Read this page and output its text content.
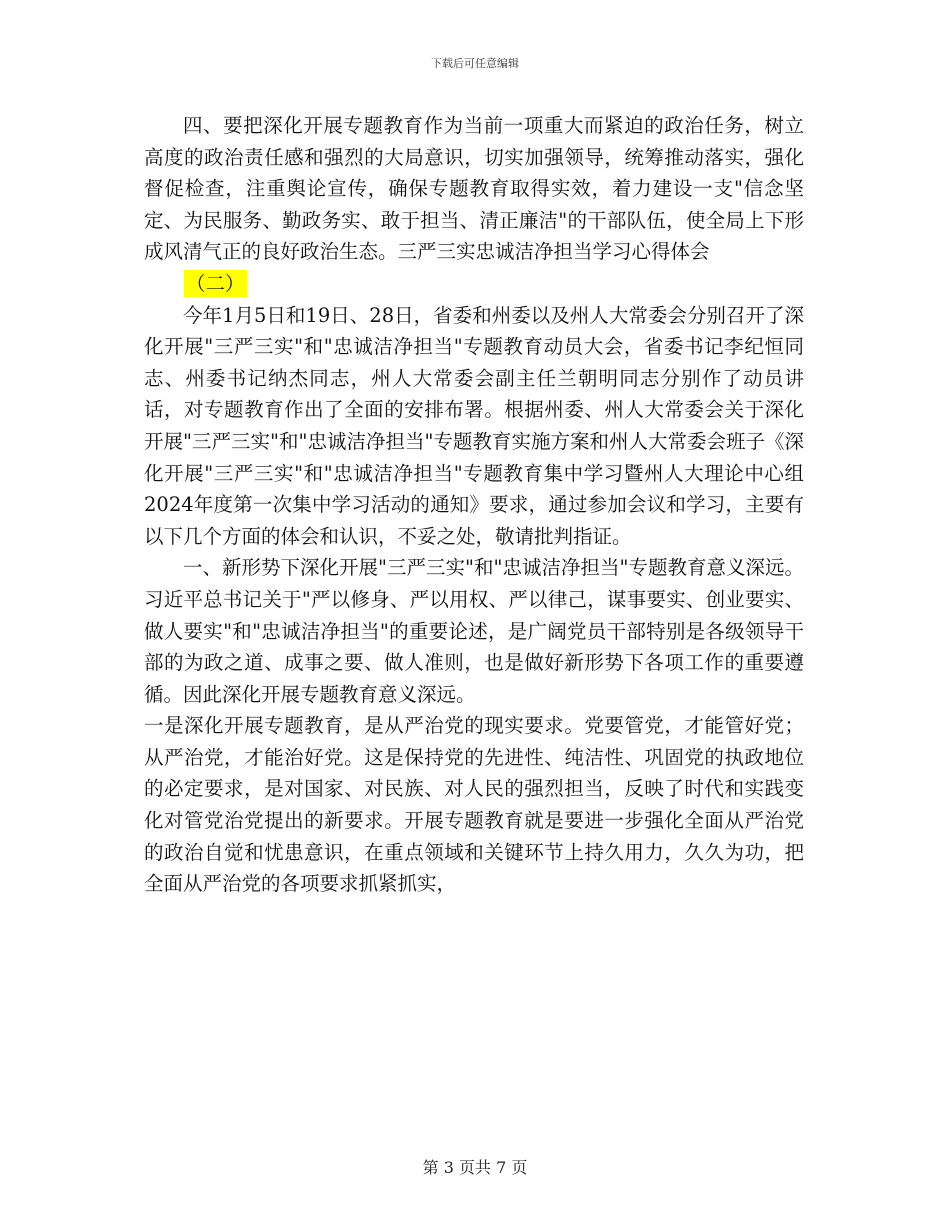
下载后可任意编辑

四、要把深化开展专题教育作为当前一项重大而紧迫的政治任务，树立高度的政治责任感和强烈的大局意识，切实加强领导，统筹推动落实，强化督促检查，注重舆论宣传，确保专题教育取得实效，着力建设一支"信念坚定、为民服务、勤政务实、敢于担当、清正廉洁"的干部队伍，使全局上下形成风清气正的良好政治生态。三严三实忠诚洁净担当学习心得体会

（二）

今年1月5日和19日、28日，省委和州委以及州人大常委会分别召开了深化开展"三严三实"和"忠诚洁净担当"专题教育动员大会，省委书记李纪恒同志、州委书记纳杰同志，州人大常委会副主任兰朝明同志分别作了动员讲话，对专题教育作出了全面的安排布署。根据州委、州人大常委会关于深化开展"三严三实"和"忠诚洁净担当"专题教育实施方案和州人大常委会班子《深化开展"三严三实"和"忠诚洁净担当"专题教育集中学习暨州人大理论中心组2024年度第一次集中学习活动的通知》要求，通过参加会议和学习，主要有以下几个方面的体会和认识，不妥之处，敬请批判指证。

一、新形势下深化开展"三严三实"和"忠诚洁净担当"专题教育意义深远。习近平总书记关于"严以修身、严以用权、严以律己，谋事要实、创业要实、做人要实"和"忠诚洁净担当"的重要论述，是广阔党员干部特别是各级领导干部的为政之道、成事之要、做人准则，也是做好新形势下各项工作的重要遵循。因此深化开展专题教育意义深远。

一是深化开展专题教育，是从严治党的现实要求。党要管党，才能管好党；从严治党，才能治好党。这是保持党的先进性、纯洁性、巩固党的执政地位的必定要求，是对国家、对民族、对人民的强烈担当，反映了时代和实践变化对管党治党提出的新要求。开展专题教育就是要进一步强化全面从严治党的政治自觉和忧患意识，在重点领域和关键环节上持久用力，久久为功，把全面从严治党的各项要求抓紧抓实，

第 3 页共 7 页
